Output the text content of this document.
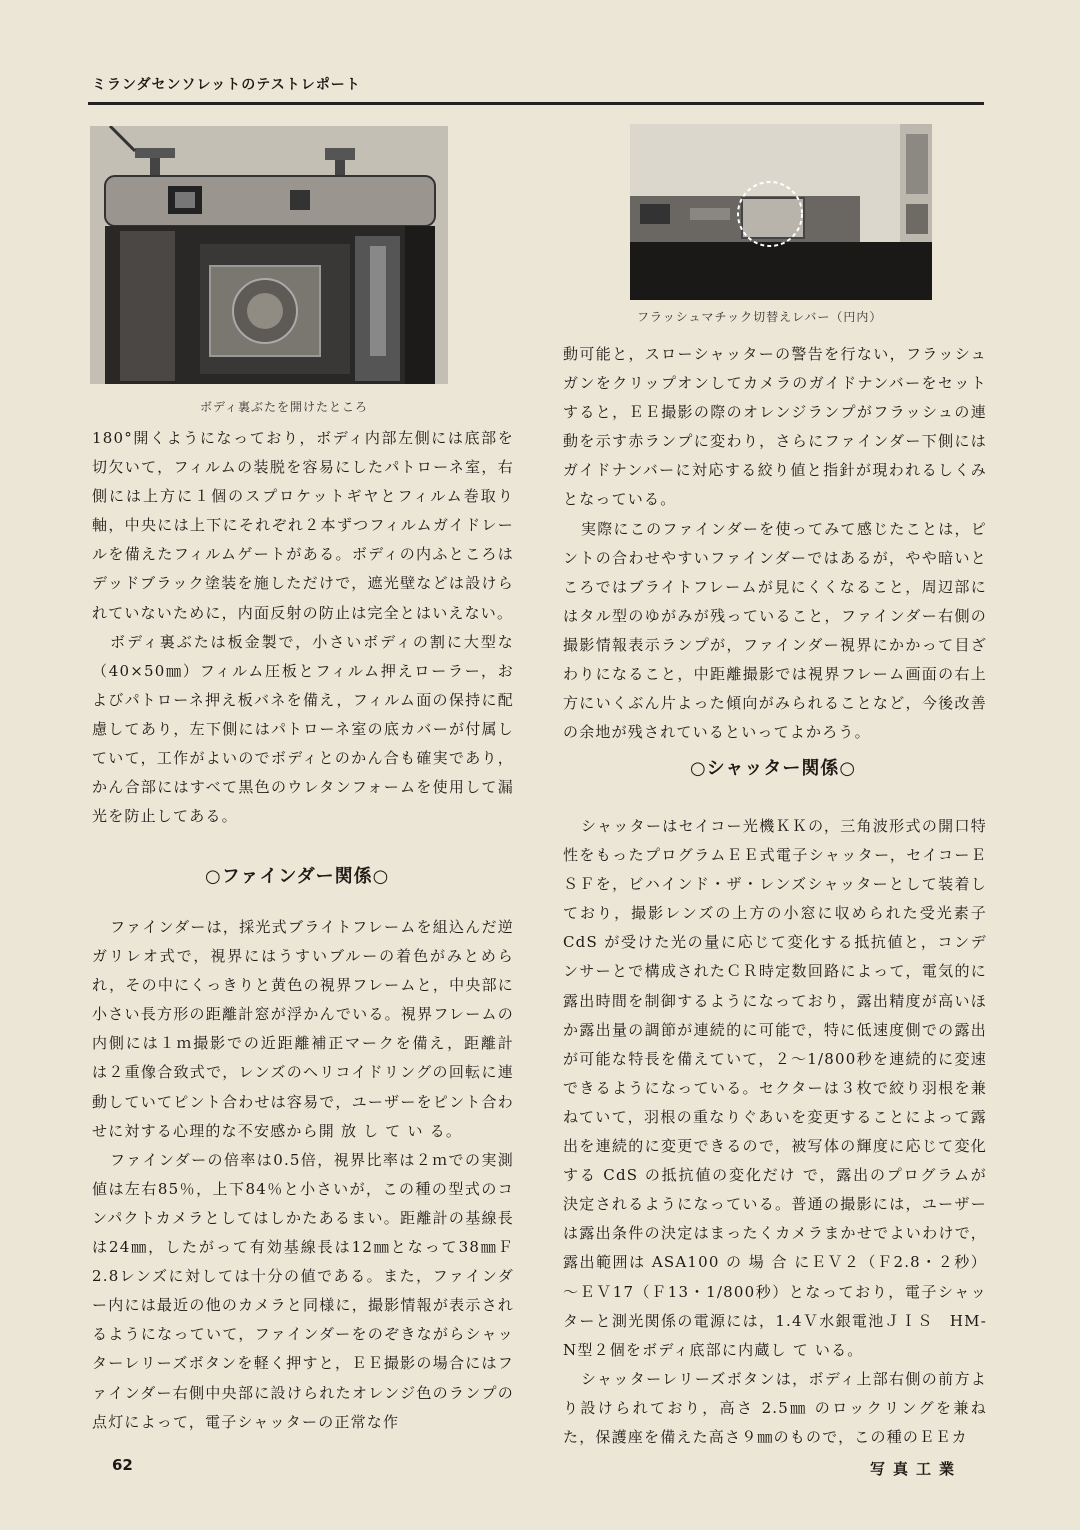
ミランダセンソレットのテストレポート
ボディ裏ぶたを開けたところ
フラッシュマチック切替えレバー（円内）

180°開くようになっており，ボディ内部左側には底部を切欠いて，フィルムの装脱を容易にしたパトローネ室，右側には上方に１個のスプロケットギヤとフィルム巻取り軸，中央には上下にそれぞれ２本ずつフィルムガイドレールを備えたフィルムゲートがある。ボディの内ふところはデッドブラック塗装を施しただけで，遮光壁などは設けられていないために，内面反射の防止は完全とはいえない。

ボディ裏ぶたは板金製で，小さいボディの割に大型な（40×50㎜）フィルム圧板とフィルム押えローラー，およびパトローネ押え板バネを備え，フィルム面の保持に配慮してあり，左下側にはパトローネ室の底カバーが付属していて，工作がよいのでボディとのかん合も確実であり，かん合部にはすべて黒色のウレタンフォームを使用して漏光を防止してある。

○ファインダー関係○

ファインダーは，採光式ブライトフレームを組込んだ逆ガリレオ式で，視界にはうすいブルーの着色がみとめられ，その中にくっきりと黄色の視界フレームと，中央部に小さい長方形の距離計窓が浮かんでいる。視界フレームの内側には１ｍ撮影での近距離補正マークを備え，距離計は２重像合致式で，レンズのヘリコイドリングの回転に連動していてピント合わせは容易で，ユーザーをピント合わせに対する心理的な不安感から開 放 し て い る。

ファインダーの倍率は0.5倍，視界比率は２ｍでの実測値は左右85％，上下84％と小さいが，この種の型式のコンパクトカメラとしてはしかたあるまい。距離計の基線長は24㎜，したがって有効基線長は12㎜となって38㎜Ｆ2.8レンズに対しては十分の値である。また，ファインダー内には最近の他のカメラと同様に，撮影情報が表示されるようになっていて，ファインダーをのぞきながらシャッターレリーズボタンを軽く押すと，ＥＥ撮影の場合にはファインダー右側中央部に設けられたオレンジ色のランプの点灯によって，電子シャッターの正常な作

動可能と，スローシャッターの警告を行ない，フラッシュガンをクリップオンしてカメラのガイドナンバーをセットすると，ＥＥ撮影の際のオレンジランプがフラッシュの連動を示す赤ランプに変わり，さらにファインダー下側にはガイドナンバーに対応する絞り値と指針が現われるしくみとなっている。

実際にこのファインダーを使ってみて感じたことは，ピントの合わせやすいファインダーではあるが，やや暗いところではブライトフレームが見にくくなること，周辺部にはタル型のゆがみが残っていること，ファインダー右側の撮影情報表示ランプが，ファインダー視界にかかって目ざわりになること，中距離撮影では視界フレーム画面の右上方にいくぶん片よった傾向がみられることなど，今後改善の余地が残されているといってよかろう。

○シャッター関係○

シャッターはセイコー光機ＫＫの，三角波形式の開口特性をもったプログラムＥＥ式電子シャッター，セイコーＥＳＦを，ビハインド・ザ・レンズシャッターとして装着しており，撮影レンズの上方の小窓に収められた受光素子 CdS が受けた光の量に応じて変化する抵抗値と，コンデンサーとで構成されたＣＲ時定数回路によって，電気的に露出時間を制御するようになっており，露出精度が高いほか露出量の調節が連続的に可能で，特に低速度側での露出が可能な特長を備えていて，２～1/800秒を連続的に変速できるようになっている。セクターは３枚で絞り羽根を兼ねていて，羽根の重なりぐあいを変更することによって露出を連続的に変更できるので，被写体の輝度に応じて変化する CdS の抵抗値の変化だけ で，露出のプログラムが決定されるようになっている。普通の撮影には，ユーザーは露出条件の決定はまったくカメラまかせでよいわけで，露出範囲は ASA100 の 場 合 にＥＶ２（Ｆ2.8・２秒）～ＥＶ17（Ｆ13・1/800秒）となっており，電子シャッターと測光関係の電源には，1.4Ｖ水銀電池ＪＩＳ　HM-N型２個をボディ底部に内蔵し て いる。

シャッターレリーズボタンは，ボディ上部右側の前方より設けられており，高さ 2.5㎜ のロックリングを兼ねた，保護座を備えた高さ９㎜のもので，この種のＥＥカ

62	写真工業
